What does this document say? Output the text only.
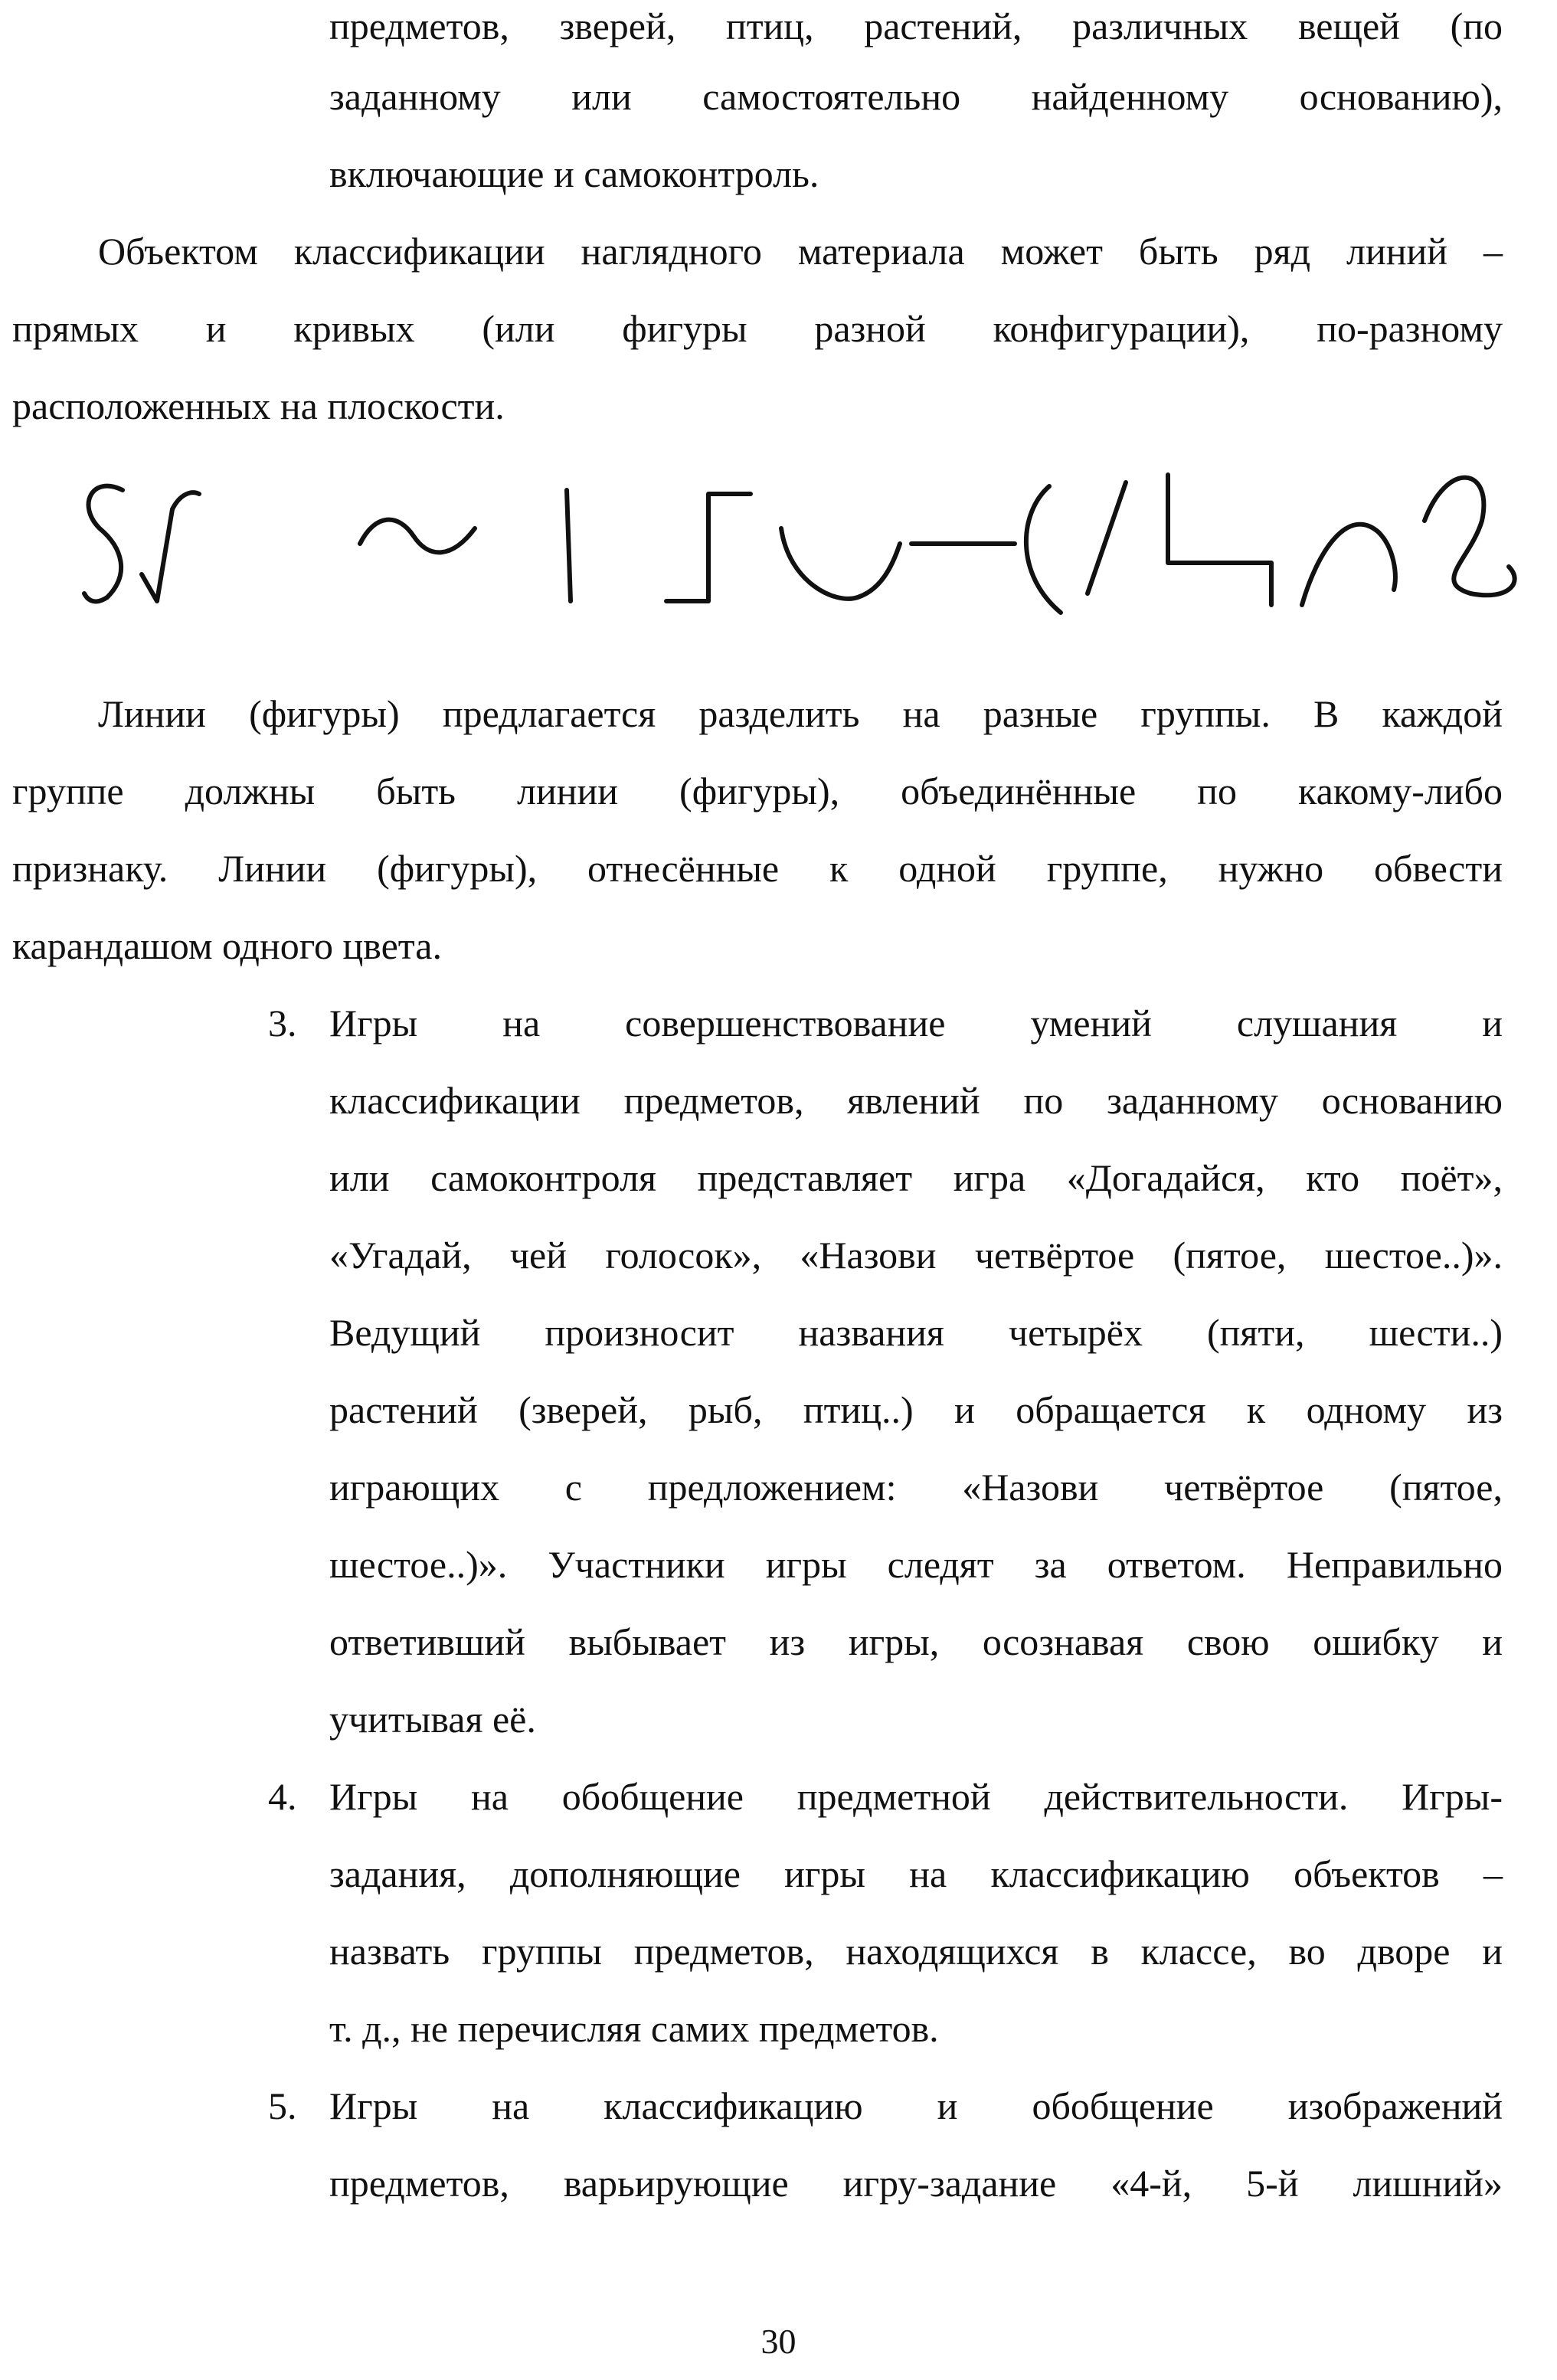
предметов, зверей, птиц, растений, различных вещей (по
заданному или самостоятельно найденному основанию),
включающие и самоконтроль.
Объектом классификации наглядного материала может быть ряд линий –
прямых и кривых (или фигуры разной конфигурации), по-разному
расположенных на плоскости.
Линии (фигуры) предлагается разделить на разные группы. В каждой
группе должны быть линии (фигуры), объединённые по какому-либо
признаку. Линии (фигуры), отнесённые к одной группе, нужно обвести
карандашом одного цвета.
3. Игры на совершенствование умений слушания и
классификации предметов, явлений по заданному основанию
или самоконтроля представляет игра «Догадайся, кто поёт»,
«Угадай, чей голосок», «Назови четвёртое (пятое, шестое..)».
Ведущий произносит названия четырёх (пяти, шести..)
растений (зверей, рыб, птиц..) и обращается к одному из
играющих с предложением: «Назови четвёртое (пятое,
шестое..)». Участники игры следят за ответом. Неправильно
ответивший выбывает из игры, осознавая свою ошибку и
учитывая её.
4. Игры на обобщение предметной действительности. Игры-
задания, дополняющие игры на классификацию объектов –
назвать группы предметов, находящихся в классе, во дворе и
т. д., не перечисляя самих предметов.
5. Игры на классификацию и обобщение изображений
предметов, варьирующие игру-задание «4-й, 5-й лишний»
30
